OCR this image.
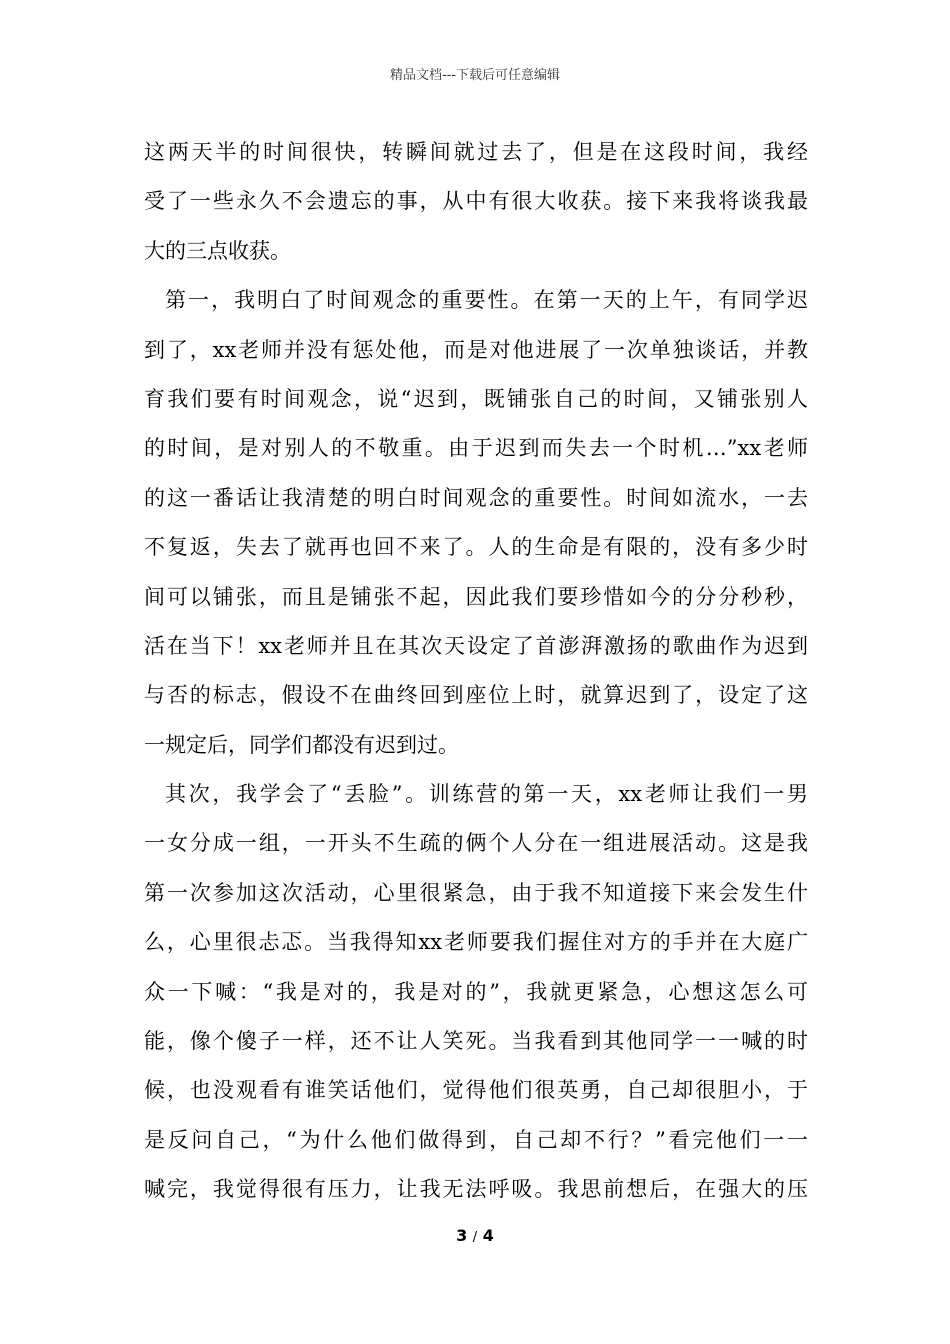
精品文档---下载后可任意编辑
这两天半的时间很快，转瞬间就过去了，但是在这段时间，我经
受了一些永久不会遗忘的事，从中有很大收获。接下来我将谈我最
大的三点收获。
第一，我明白了时间观念的重要性。在第一天的上午，有同学迟
到了，xx老师并没有惩处他，而是对他进展了一次单独谈话，并教
育我们要有时间观念，说“迟到，既铺张自己的时间，又铺张别人
的时间，是对别人的不敬重。由于迟到而失去一个时机…”xx老师
的这一番话让我清楚的明白时间观念的重要性。时间如流水，一去
不复返，失去了就再也回不来了。人的生命是有限的，没有多少时
间可以铺张，而且是铺张不起，因此我们要珍惜如今的分分秒秒，
活在当下！xx老师并且在其次天设定了首澎湃激扬的歌曲作为迟到
与否的标志，假设不在曲终回到座位上时，就算迟到了，设定了这
一规定后，同学们都没有迟到过。
其次，我学会了“丢脸”。训练营的第一天，xx老师让我们一男
一女分成一组，一开头不生疏的俩个人分在一组进展活动。这是我
第一次参加这次活动，心里很紧急，由于我不知道接下来会发生什
么，心里很忐忑。当我得知xx老师要我们握住对方的手并在大庭广
众一下喊：“我是对的，我是对的”，我就更紧急，心想这怎么可
能，像个傻子一样，还不让人笑死。当我看到其他同学一一喊的时
候，也没观看有谁笑话他们，觉得他们很英勇，自己却很胆小，于
是反问自己，“为什么他们做得到，自己却不行？”看完他们一一
喊完，我觉得很有压力，让我无法呼吸。我思前想后，在强大的压
3 / 4
